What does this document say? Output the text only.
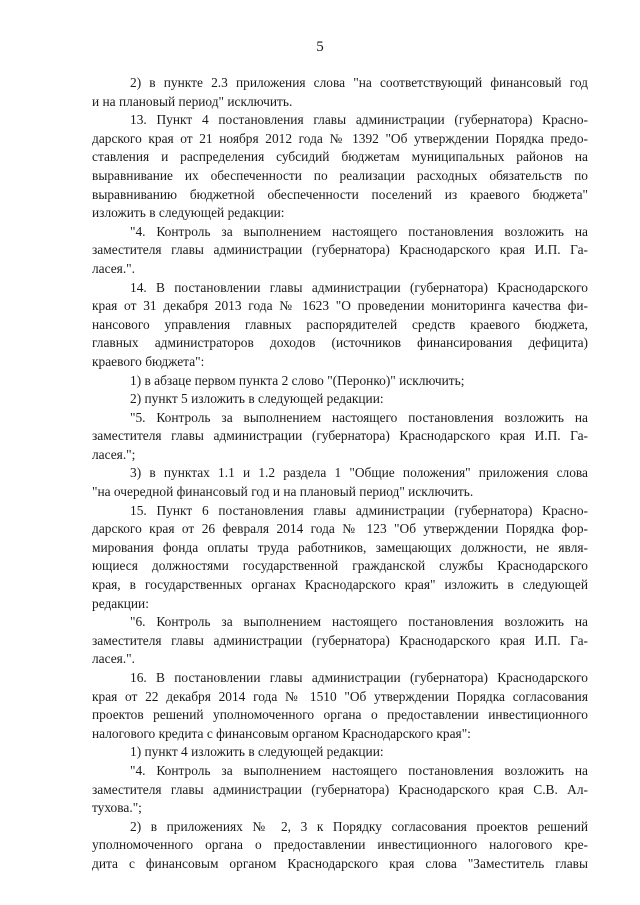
5
2) в пункте 2.3 приложения слова "на соответствующий финансовый год
и на плановый период" исключить.
13. Пункт 4 постановления главы администрации (губернатора) Красно-
дарского края от 21 ноября 2012 года № 1392 "Об утверждении Порядка предо-
ставления и распределения субсидий бюджетам муниципальных районов на
выравнивание их обеспеченности по реализации расходных обязательств по
выравниванию бюджетной обеспеченности поселений из краевого бюджета"
изложить в следующей редакции:
"4. Контроль за выполнением настоящего постановления возложить на
заместителя главы администрации (губернатора) Краснодарского края И.П. Га-
ласея.".
14. В постановлении главы администрации (губернатора) Краснодарского
края от 31 декабря 2013 года № 1623 "О проведении мониторинга качества фи-
нансового управления главных распорядителей средств краевого бюджета,
главных администраторов доходов (источников финансирования дефицита)
краевого бюджета":
1) в абзаце первом пункта 2 слово "(Перонко)" исключить;
2) пункт 5 изложить в следующей редакции:
"5. Контроль за выполнением настоящего постановления возложить на
заместителя главы администрации (губернатора) Краснодарского края И.П. Га-
ласея.";
3) в пунктах 1.1 и 1.2 раздела 1 "Общие положения" приложения слова
"на очередной финансовый год и на плановый период" исключить.
15. Пункт 6 постановления главы администрации (губернатора) Красно-
дарского края от 26 февраля 2014 года № 123 "Об утверждении Порядка фор-
мирования фонда оплаты труда работников, замещающих должности, не явля-
ющиеся должностями государственной гражданской службы Краснодарского
края, в государственных органах Краснодарского края" изложить в следующей
редакции:
"6. Контроль за выполнением настоящего постановления возложить на
заместителя главы администрации (губернатора) Краснодарского края И.П. Га-
ласея.".
16. В постановлении главы администрации (губернатора) Краснодарского
края от 22 декабря 2014 года № 1510 "Об утверждении Порядка согласования
проектов решений уполномоченного органа о предоставлении инвестиционного
налогового кредита с финансовым органом Краснодарского края":
1) пункт 4 изложить в следующей редакции:
"4. Контроль за выполнением настоящего постановления возложить на
заместителя главы администрации (губернатора) Краснодарского края С.В. Ал-
тухова.";
2) в приложениях № 2, 3 к Порядку согласования проектов решений
уполномоченного органа о предоставлении инвестиционного налогового кре-
дита с финансовым органом Краснодарского края слова "Заместитель главы
